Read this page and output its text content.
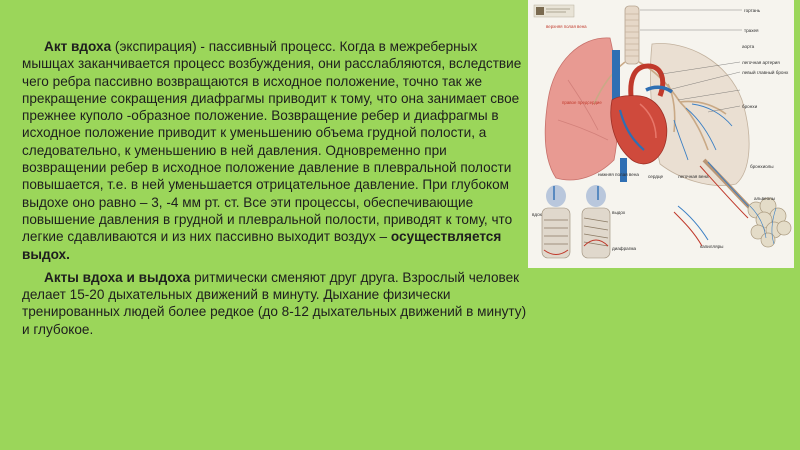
Акт вдоха (экспирация) - пассивный процесс. Когда в межреберных мышцах заканчивается процесс возбуждения, они расслабляются, вследствие чего ребра пассивно возвращаются в исходное положение, точно так же прекращение сокращения диафрагмы приводит к тому, что она занимает свое прежнее куполо -образное положение. Возвращение ребер и диафрагмы в исходное положение приводит к уменьшению объема грудной полости, а следовательно, к уменьшению в ней давления. Одновременно при возвращении ребер в исходное положение давление в плевральной полости повышается, т.е. в ней уменьшается отрицательное давление. При глубоком выдохе оно равно – 3, -4 мм рт. ст. Все эти процессы, обеспечивающие повышение давления в грудной и плевральной полости, приводят к тому, что легкие сдавливаются и из них пассивно выходит воздух – осуществляется выдох.

Акты вдоха и выдоха ритмически сменяют друг друга. Взрослый человек делает 15-20 дыхательных движений в минуту. Дыхание физически тренированных людей более редкое (до 8-12 дыхательных движений в минуту) и глубокое.

гортань
трахея
верхняя полая вена
аорта
легочная артерия
левый главный бронх
бронхи
правое предсердие
сердце
нижняя полая вена	легочная вена
бронхиолы
альвеолы
капилляры
вдох	выдох
диафрагма
